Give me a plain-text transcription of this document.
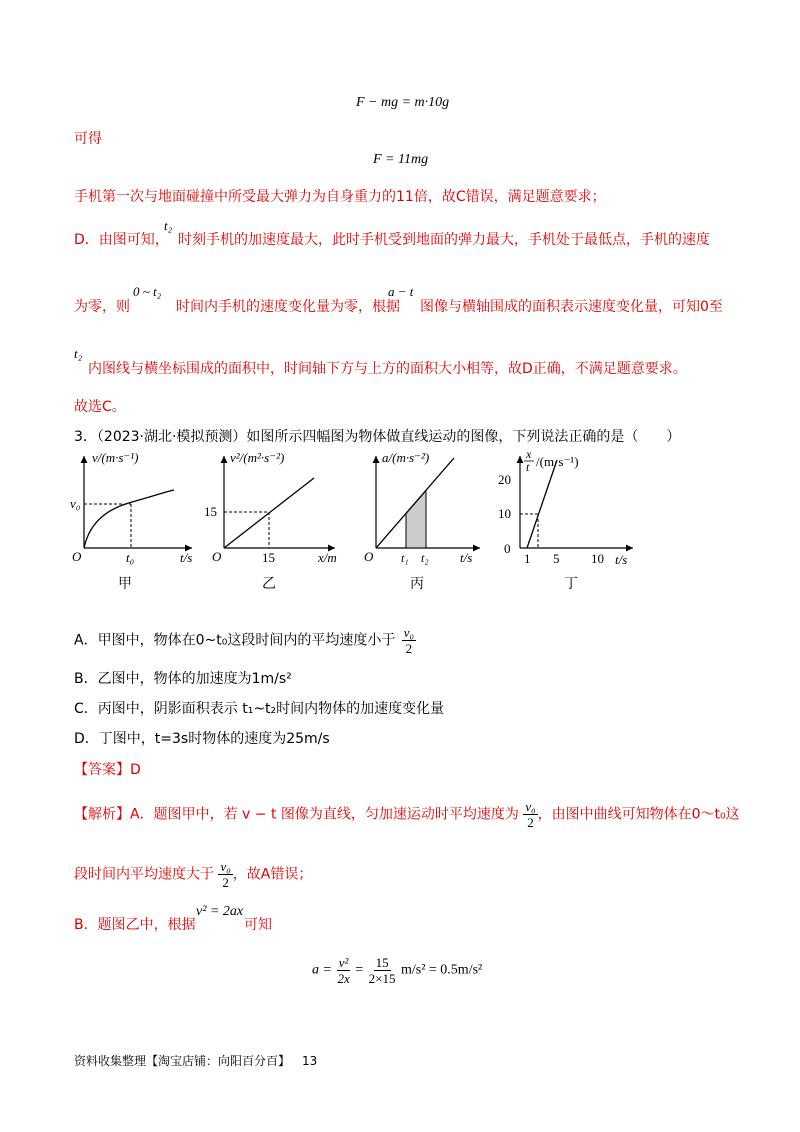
F − mg = m·10g
可得
F = 11mg
手机第一次与地面碰撞中所受最大弹力为自身重力的11倍，故C错误，满足题意要求；
D．由图可知，
t₂
时刻手机的加速度最大，此时手机受到地面的弹力最大，手机处于最低点，手机的速度
为零，则
0 ~ t₂
时间内手机的速度变化量为零，根据
a − t
图像与横轴围成的面积表示速度变化量，可知0至
t₂
内图线与横坐标围成的面积中，时间轴下方与上方的面积大小相等，故D正确，不满足题意要求。
故选C。
3．（2023·湖北·模拟预测）如图所示四幅图为物体做直线运动的图像，下列说法正确的是（　　）
v/(m·s⁻¹)
v₀
O	t₀	t/s
甲
v²/(m²·s⁻²)
15
O	15	x/m
乙
a/(m·s⁻²)
O t₁ t₂ t/s
丙
x
t /(m·s⁻¹)
20
10
0
1 5 10 t/s
丁
A．甲图中，物体在0~t₀这段时间内的平均速度小于 $\frac{\text{v₀}}{2}$
B．乙图中，物体的加速度为1m/s²
C．丙图中，阴影面积表示 t₁~t₂时间内物体的加速度变化量
D．丁图中，t=3s时物体的速度为25m/s
【答案】D
【解析】A．题图甲中，若 v − t 图像为直线，匀加速运动时平均速度为 $\frac{\text{v₀}}{2}$ ，由图中曲线可知物体在0～t₀这
段时间内平均速度大于 $\frac{\text{v₀}}{2}$ ，故A错误；
B．题图乙中，根据
v² = 2ax
可知
$a = \frac{\text{v²}}{2x} = \frac{15}{2\times 15} m/s^2 = 0.5m/s^2$
资料收集整理【淘宝店铺：向阳百分百】 13
